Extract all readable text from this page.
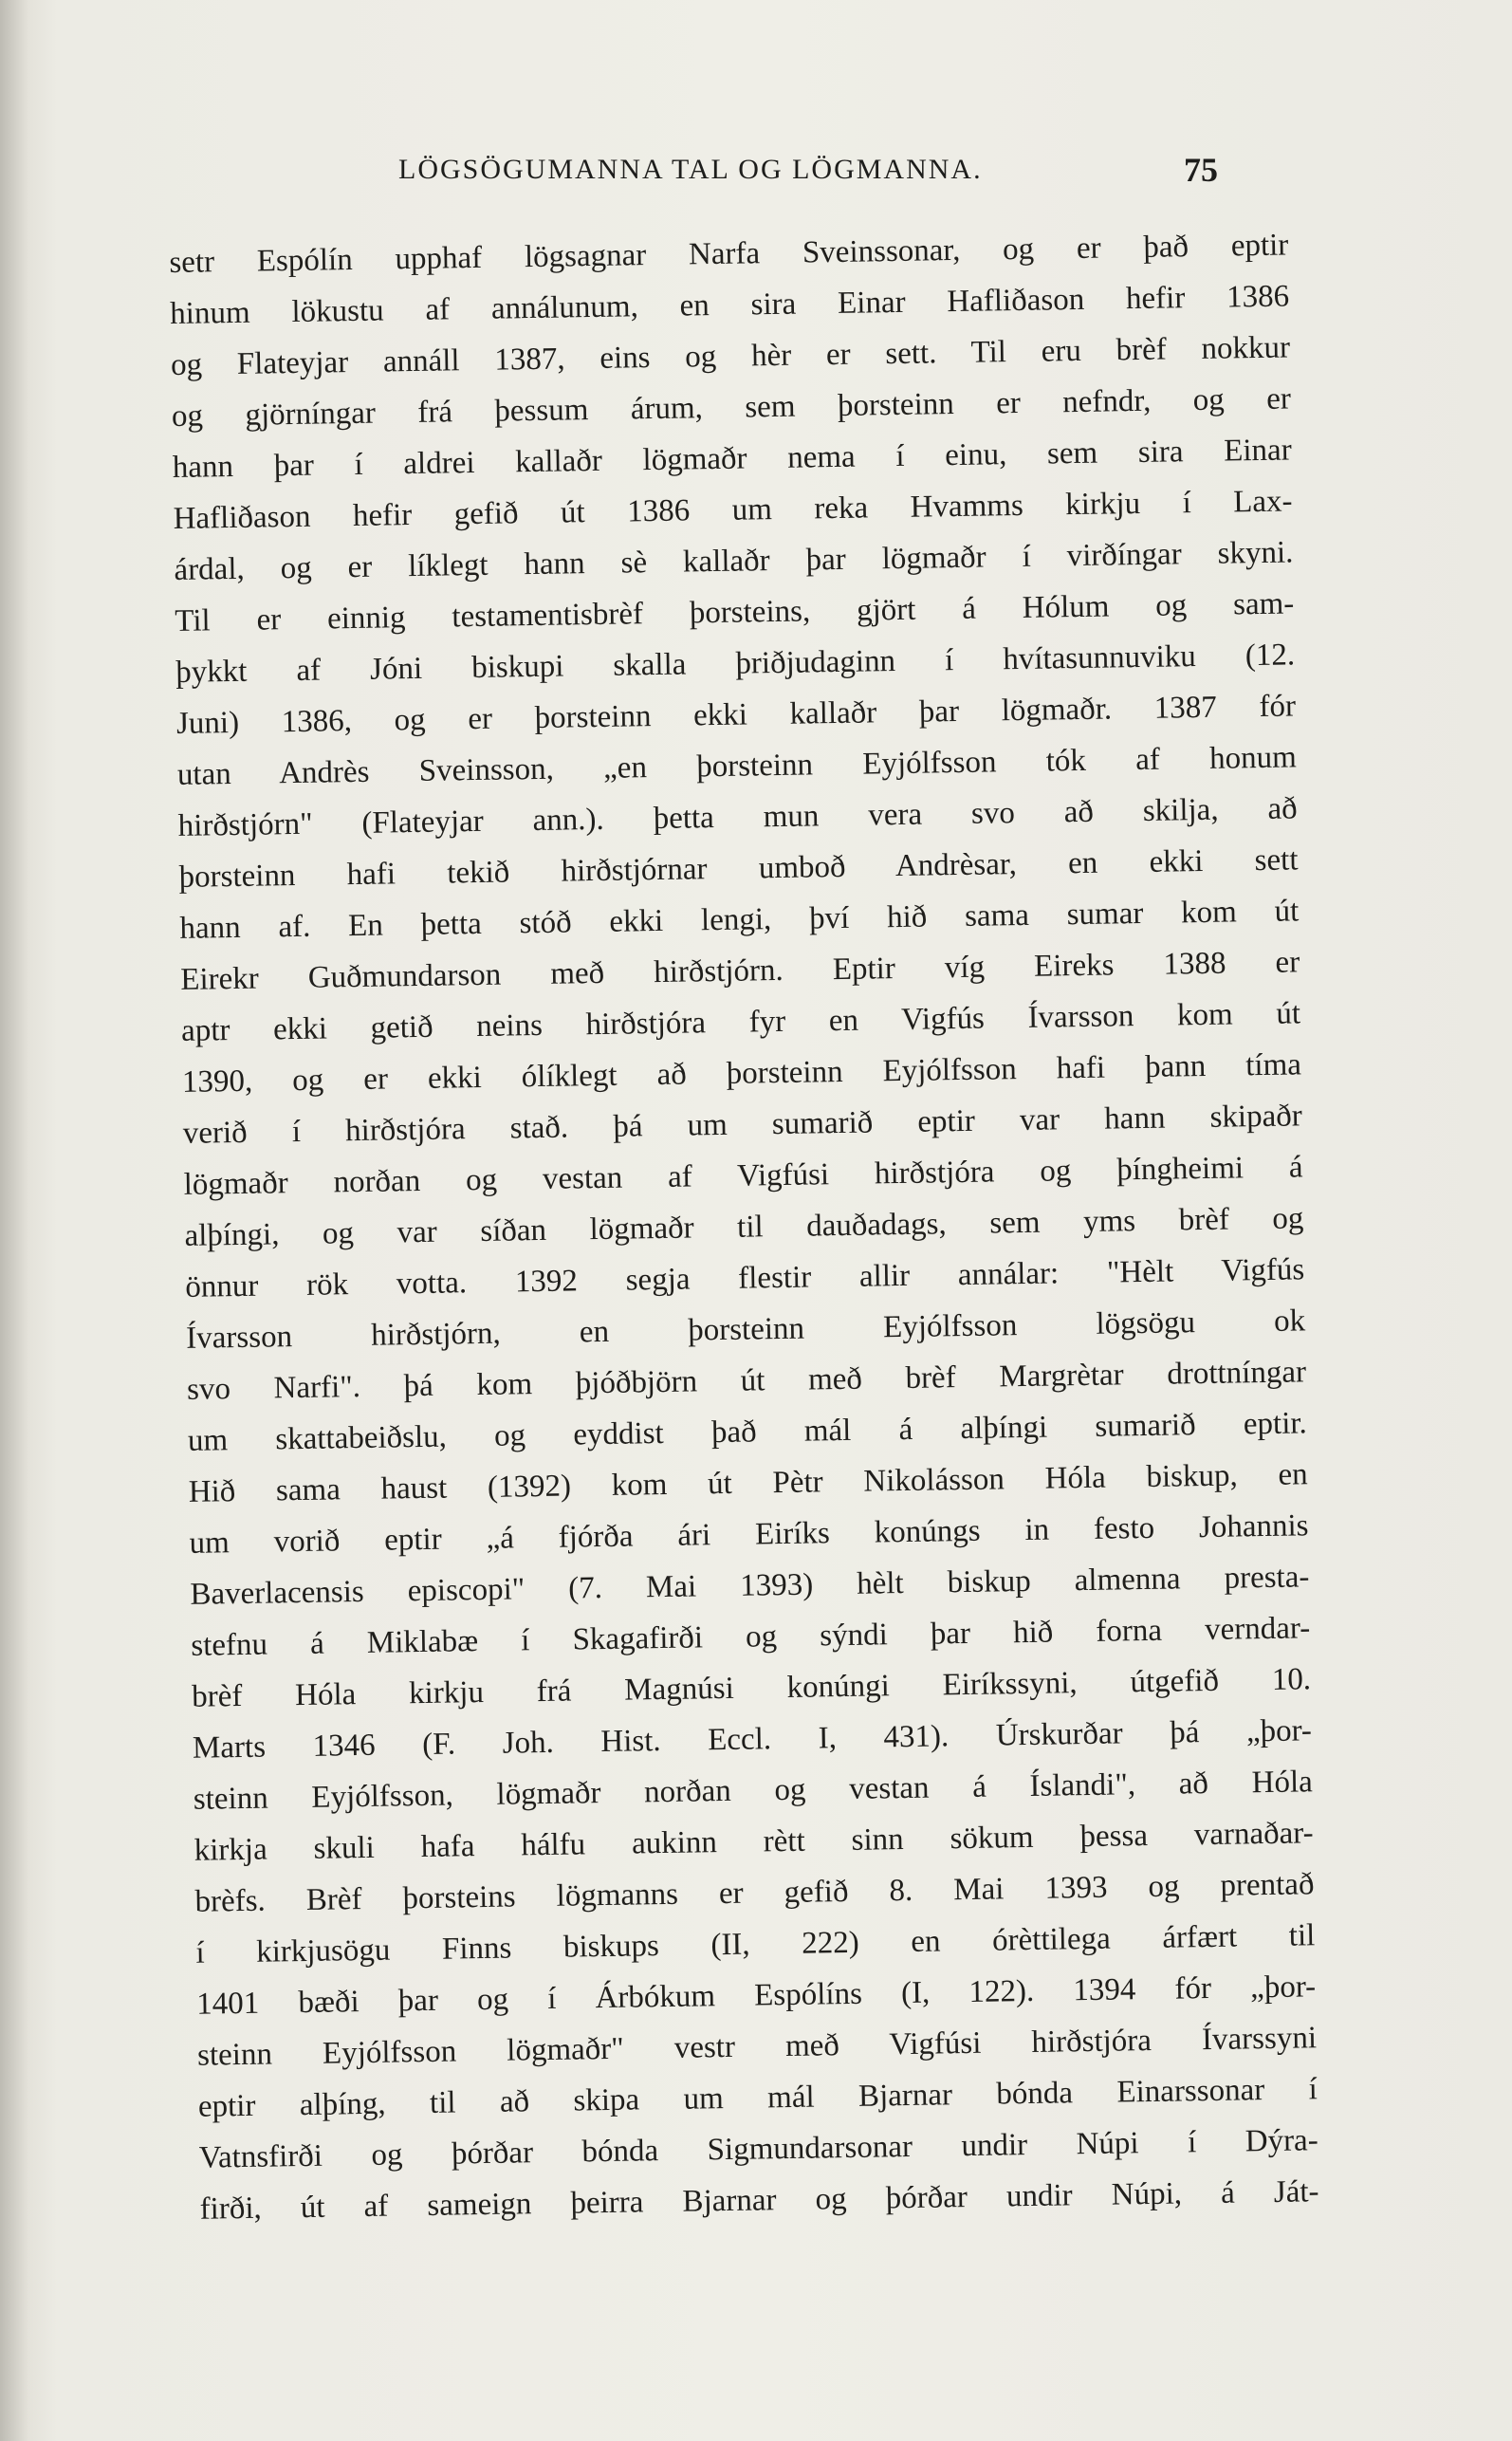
LÖGSÖGUMANNA TAL OG LÖGMANNA.	75
setr Espólín upphaf lögsagnar Narfa Sveinssonar, og er það eptir
hinum lökustu af annálunum, en sira Einar Hafliðason hefir 1386
og Flateyjar annáll 1387, eins og hèr er sett. Til eru brèf nokkur
og gjörníngar frá þessum árum, sem þorsteinn er nefndr, og er
hann þar í aldrei kallaðr lögmaðr nema í einu, sem sira Einar
Hafliðason hefir gefið út 1386 um reka Hvamms kirkju í Lax-
árdal, og er líklegt hann sè kallaðr þar lögmaðr í virðíngar skyni.
Til er einnig testamentisbrèf þorsteins, gjört á Hólum og sam-
þykkt af Jóni biskupi skalla þriðjudaginn í hvítasunnuviku (12.
Juni) 1386, og er þorsteinn ekki kallaðr þar lögmaðr. 1387 fór
utan Andrès Sveinsson, „en þorsteinn Eyjólfsson tók af honum
hirðstjórn" (Flateyjar ann.). þetta mun vera svo að skilja, að
þorsteinn hafi tekið hirðstjórnar umboð Andrèsar, en ekki sett
hann af. En þetta stóð ekki lengi, því hið sama sumar kom út
Eirekr Guðmundarson með hirðstjórn. Eptir víg Eireks 1388 er
aptr ekki getið neins hirðstjóra fyr en Vigfús Ívarsson kom út
1390, og er ekki ólíklegt að þorsteinn Eyjólfsson hafi þann tíma
verið í hirðstjóra stað. þá um sumarið eptir var hann skipaðr
lögmaðr norðan og vestan af Vigfúsi hirðstjóra og þíngheimi á
alþíngi, og var síðan lögmaðr til dauðadags, sem yms brèf og
önnur rök votta. 1392 segja flestir allir annálar: "Hèlt Vigfús
Ívarsson hirðstjórn, en þorsteinn Eyjólfsson lögsögu ok
svo Narfi". þá kom þjóðbjörn út með brèf Margrètar drottníngar
um skattabeiðslu, og eyddist það mál á alþíngi sumarið eptir.
Hið sama haust (1392) kom út Pètr Nikolásson Hóla biskup, en
um vorið eptir „á fjórða ári Eiríks konúngs in festo Johannis
Baverlacensis episcopi" (7. Mai 1393) hèlt biskup almenna presta-
stefnu á Miklabæ í Skagafirði og sýndi þar hið forna verndar-
brèf Hóla kirkju frá Magnúsi konúngi Eiríkssyni, útgefið 10.
Marts 1346 (F. Joh. Hist. Eccl. I, 431). Úrskurðar þá „þor-
steinn Eyjólfsson, lögmaðr norðan og vestan á Íslandi", að Hóla
kirkja skuli hafa hálfu aukinn rètt sinn sökum þessa varnaðar-
brèfs. Brèf þorsteins lögmanns er gefið 8. Mai 1393 og prentað
í kirkjusögu Finns biskups (II, 222) en órèttilega árfært til
1401 bæði þar og í Árbókum Espólíns (I, 122). 1394 fór „þor-
steinn Eyjólfsson lögmaðr" vestr með Vigfúsi hirðstjóra Ívarssyni
eptir alþíng, til að skipa um mál Bjarnar bónda Einarssonar í
Vatnsfirði og þórðar bónda Sigmundarsonar undir Núpi í Dýra-
firði, út af sameign þeirra Bjarnar og þórðar undir Núpi, á Ját-
